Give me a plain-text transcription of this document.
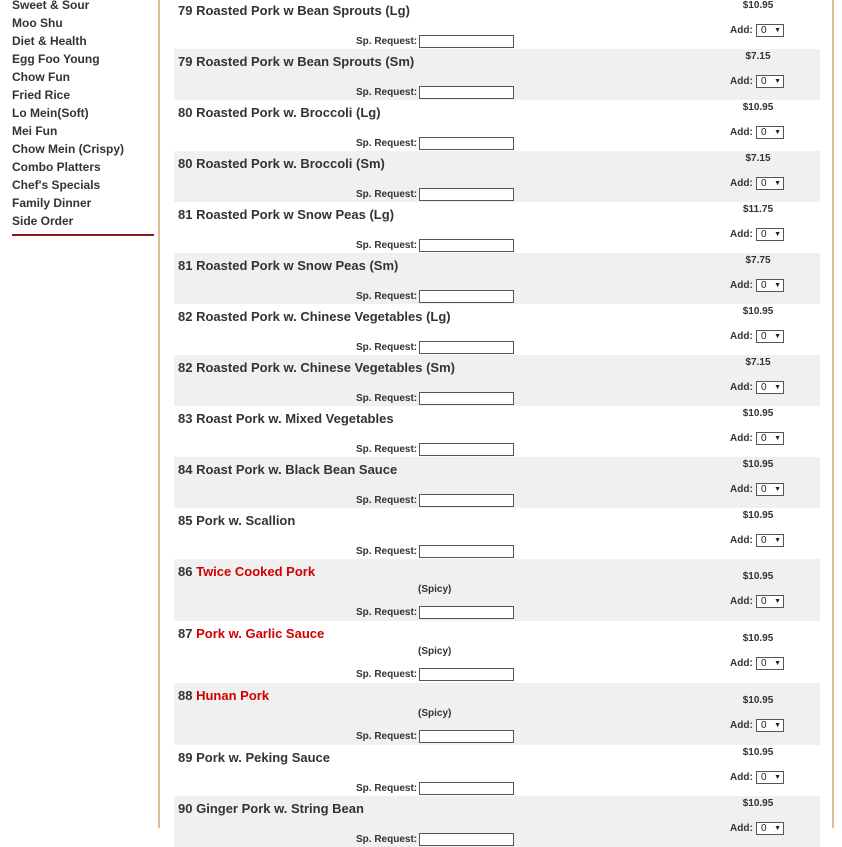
Sweet & Sour
Moo Shu
Diet & Health
Egg Foo Young
Chow Fun
Fried Rice
Lo Mein(Soft)
Mei Fun
Chow Mein (Crispy)
Combo Platters
Chef's Specials
Family Dinner
Side Order
79 Roasted Pork w Bean Sprouts (Lg)
Sp. Request:
$10.95
Add: 0 ▼
79 Roasted Pork w Bean Sprouts (Sm)
Sp. Request:
$7.15
Add: 0 ▼
80 Roasted Pork w. Broccoli (Lg)
Sp. Request:
$10.95
Add: 0 ▼
80 Roasted Pork w. Broccoli (Sm)
Sp. Request:
$7.15
Add: 0 ▼
81 Roasted Pork w Snow Peas (Lg)
Sp. Request:
$11.75
Add: 0 ▼
81 Roasted Pork w Snow Peas (Sm)
Sp. Request:
$7.75
Add: 0 ▼
82 Roasted Pork w. Chinese Vegetables (Lg)
Sp. Request:
$10.95
Add: 0 ▼
82 Roasted Pork w. Chinese Vegetables (Sm)
Sp. Request:
$7.15
Add: 0 ▼
83 Roast Pork w. Mixed Vegetables
Sp. Request:
$10.95
Add: 0 ▼
84 Roast Pork w. Black Bean Sauce
Sp. Request:
$10.95
Add: 0 ▼
85 Pork w. Scallion
Sp. Request:
$10.95
Add: 0 ▼
86 Twice Cooked Pork
(Spicy)
Sp. Request:
$10.95
Add: 0 ▼
87 Pork w. Garlic Sauce
(Spicy)
Sp. Request:
$10.95
Add: 0 ▼
88 Hunan Pork
(Spicy)
Sp. Request:
$10.95
Add: 0 ▼
89 Pork w. Peking Sauce
Sp. Request:
$10.95
Add: 0 ▼
90 Ginger Pork w. String Bean
Sp. Request:
$10.95
Add: 0 ▼
